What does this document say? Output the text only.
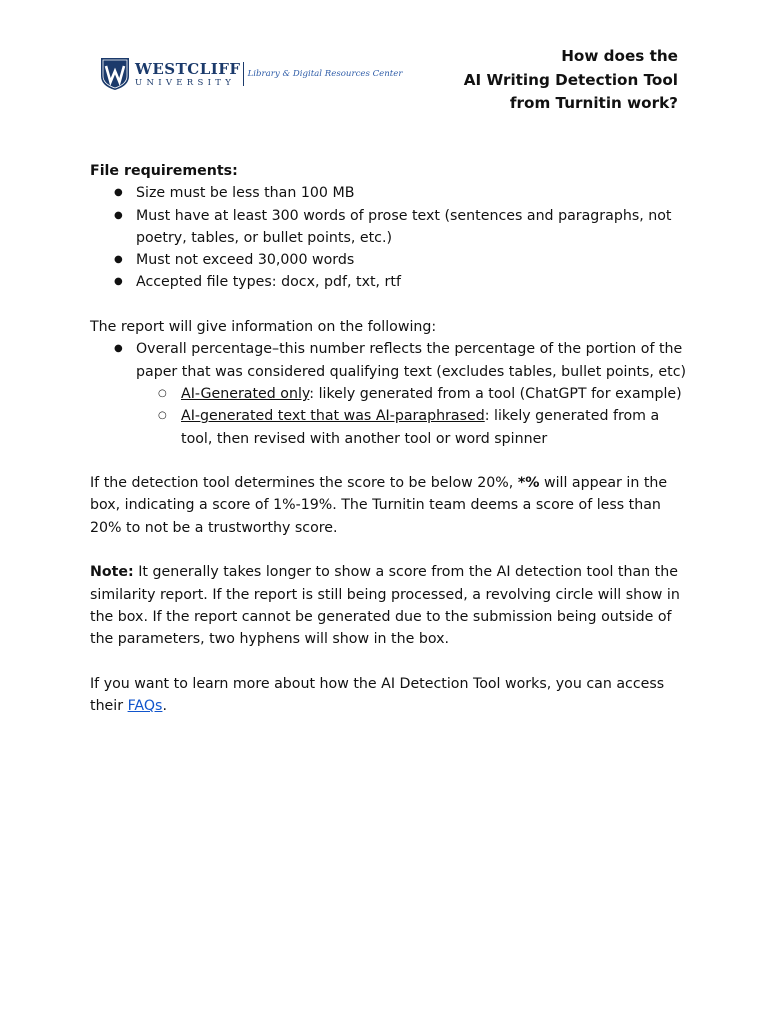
WESTCLIFF
UNIVERSITY
Library & Digital Resources Center
How does the
AI Writing Detection Tool
from Turnitin work?

File requirements:

● Size must be less than 100 MB
● Must have at least 300 words of prose text (sentences and paragraphs, not poetry, tables, or bullet points, etc.)
● Must not exceed 30,000 words
● Accepted file types: docx, pdf, txt, rtf

The report will give information on the following:

● Overall percentage–this number reflects the percentage of the portion of the paper that was considered qualifying text (excludes tables, bullet points, etc)
○ AI-Generated only: likely generated from a tool (ChatGPT for example)
○ AI-generated text that was AI-paraphrased: likely generated from a tool, then revised with another tool or word spinner

If the detection tool determines the score to be below 20%, *% will appear in the box, indicating a score of 1%-19%. The Turnitin team deems a score of less than 20% to not be a trustworthy score.

Note: It generally takes longer to show a score from the AI detection tool than the similarity report. If the report is still being processed, a revolving circle will show in the box. If the report cannot be generated due to the submission being outside of the parameters, two hyphens will show in the box.

If you want to learn more about how the AI Detection Tool works, you can access their FAQs.
